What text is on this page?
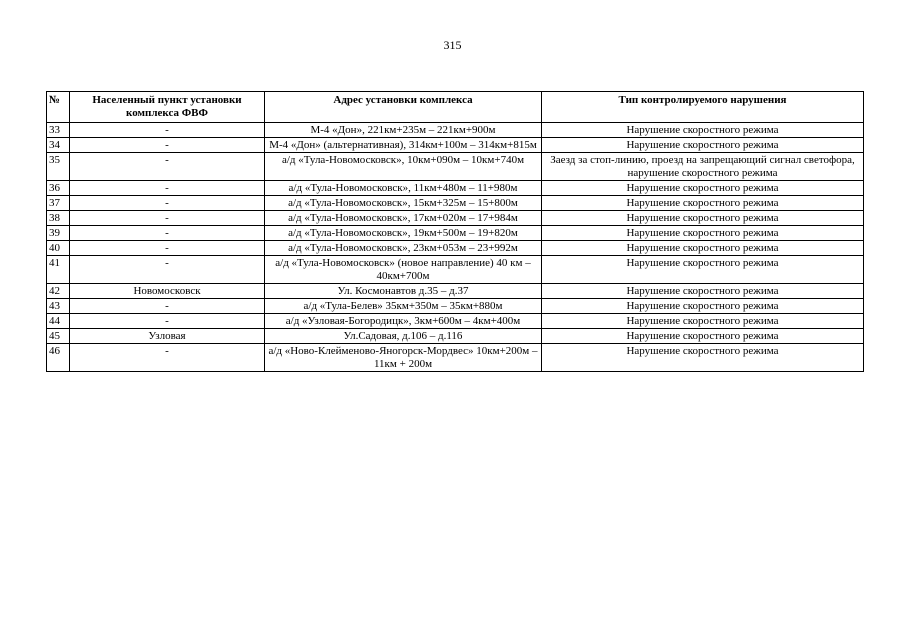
315
№	Населенный пункт установки комплекса ФВФ	Адрес установки комплекса	Тип контролируемого нарушения
33	-	М-4 «Дон», 221км+235м – 221км+900м	Нарушение скоростного режима
34	-	М-4 «Дон» (альтернативная), 314км+100м – 314км+815м	Нарушение скоростного режима
35	-	а/д «Тула-Новомосковск», 10км+090м – 10км+740м	Заезд за стоп-линию, проезд на запрещающий сигнал светофора, нарушение скоростного режима
36	-	а/д «Тула-Новомосковск», 11км+480м – 11+980м	Нарушение скоростного режима
37	-	а/д «Тула-Новомосковск», 15км+325м – 15+800м	Нарушение скоростного режима
38	-	а/д «Тула-Новомосковск», 17км+020м – 17+984м	Нарушение скоростного режима
39	-	а/д «Тула-Новомосковск», 19км+500м – 19+820м	Нарушение скоростного режима
40	-	а/д «Тула-Новомосковск», 23км+053м – 23+992м	Нарушение скоростного режима
41	-	а/д «Тула-Новомосковск» (новое направление) 40 км – 40км+700м	Нарушение скоростного режима
42	Новомосковск	Ул. Космонавтов д.35 – д.37	Нарушение скоростного режима
43	-	а/д «Тула-Белев» 35км+350м – 35км+880м	Нарушение скоростного режима
44	-	а/д «Узловая-Богородицк», 3км+600м – 4км+400м	Нарушение скоростного режима
45	Узловая	Ул.Садовая, д.106 – д.116	Нарушение скоростного режима
46	-	а/д «Ново-Клейменово-Яногорск-Мордвес» 10км+200м – 11км + 200м	Нарушение скоростного режима
